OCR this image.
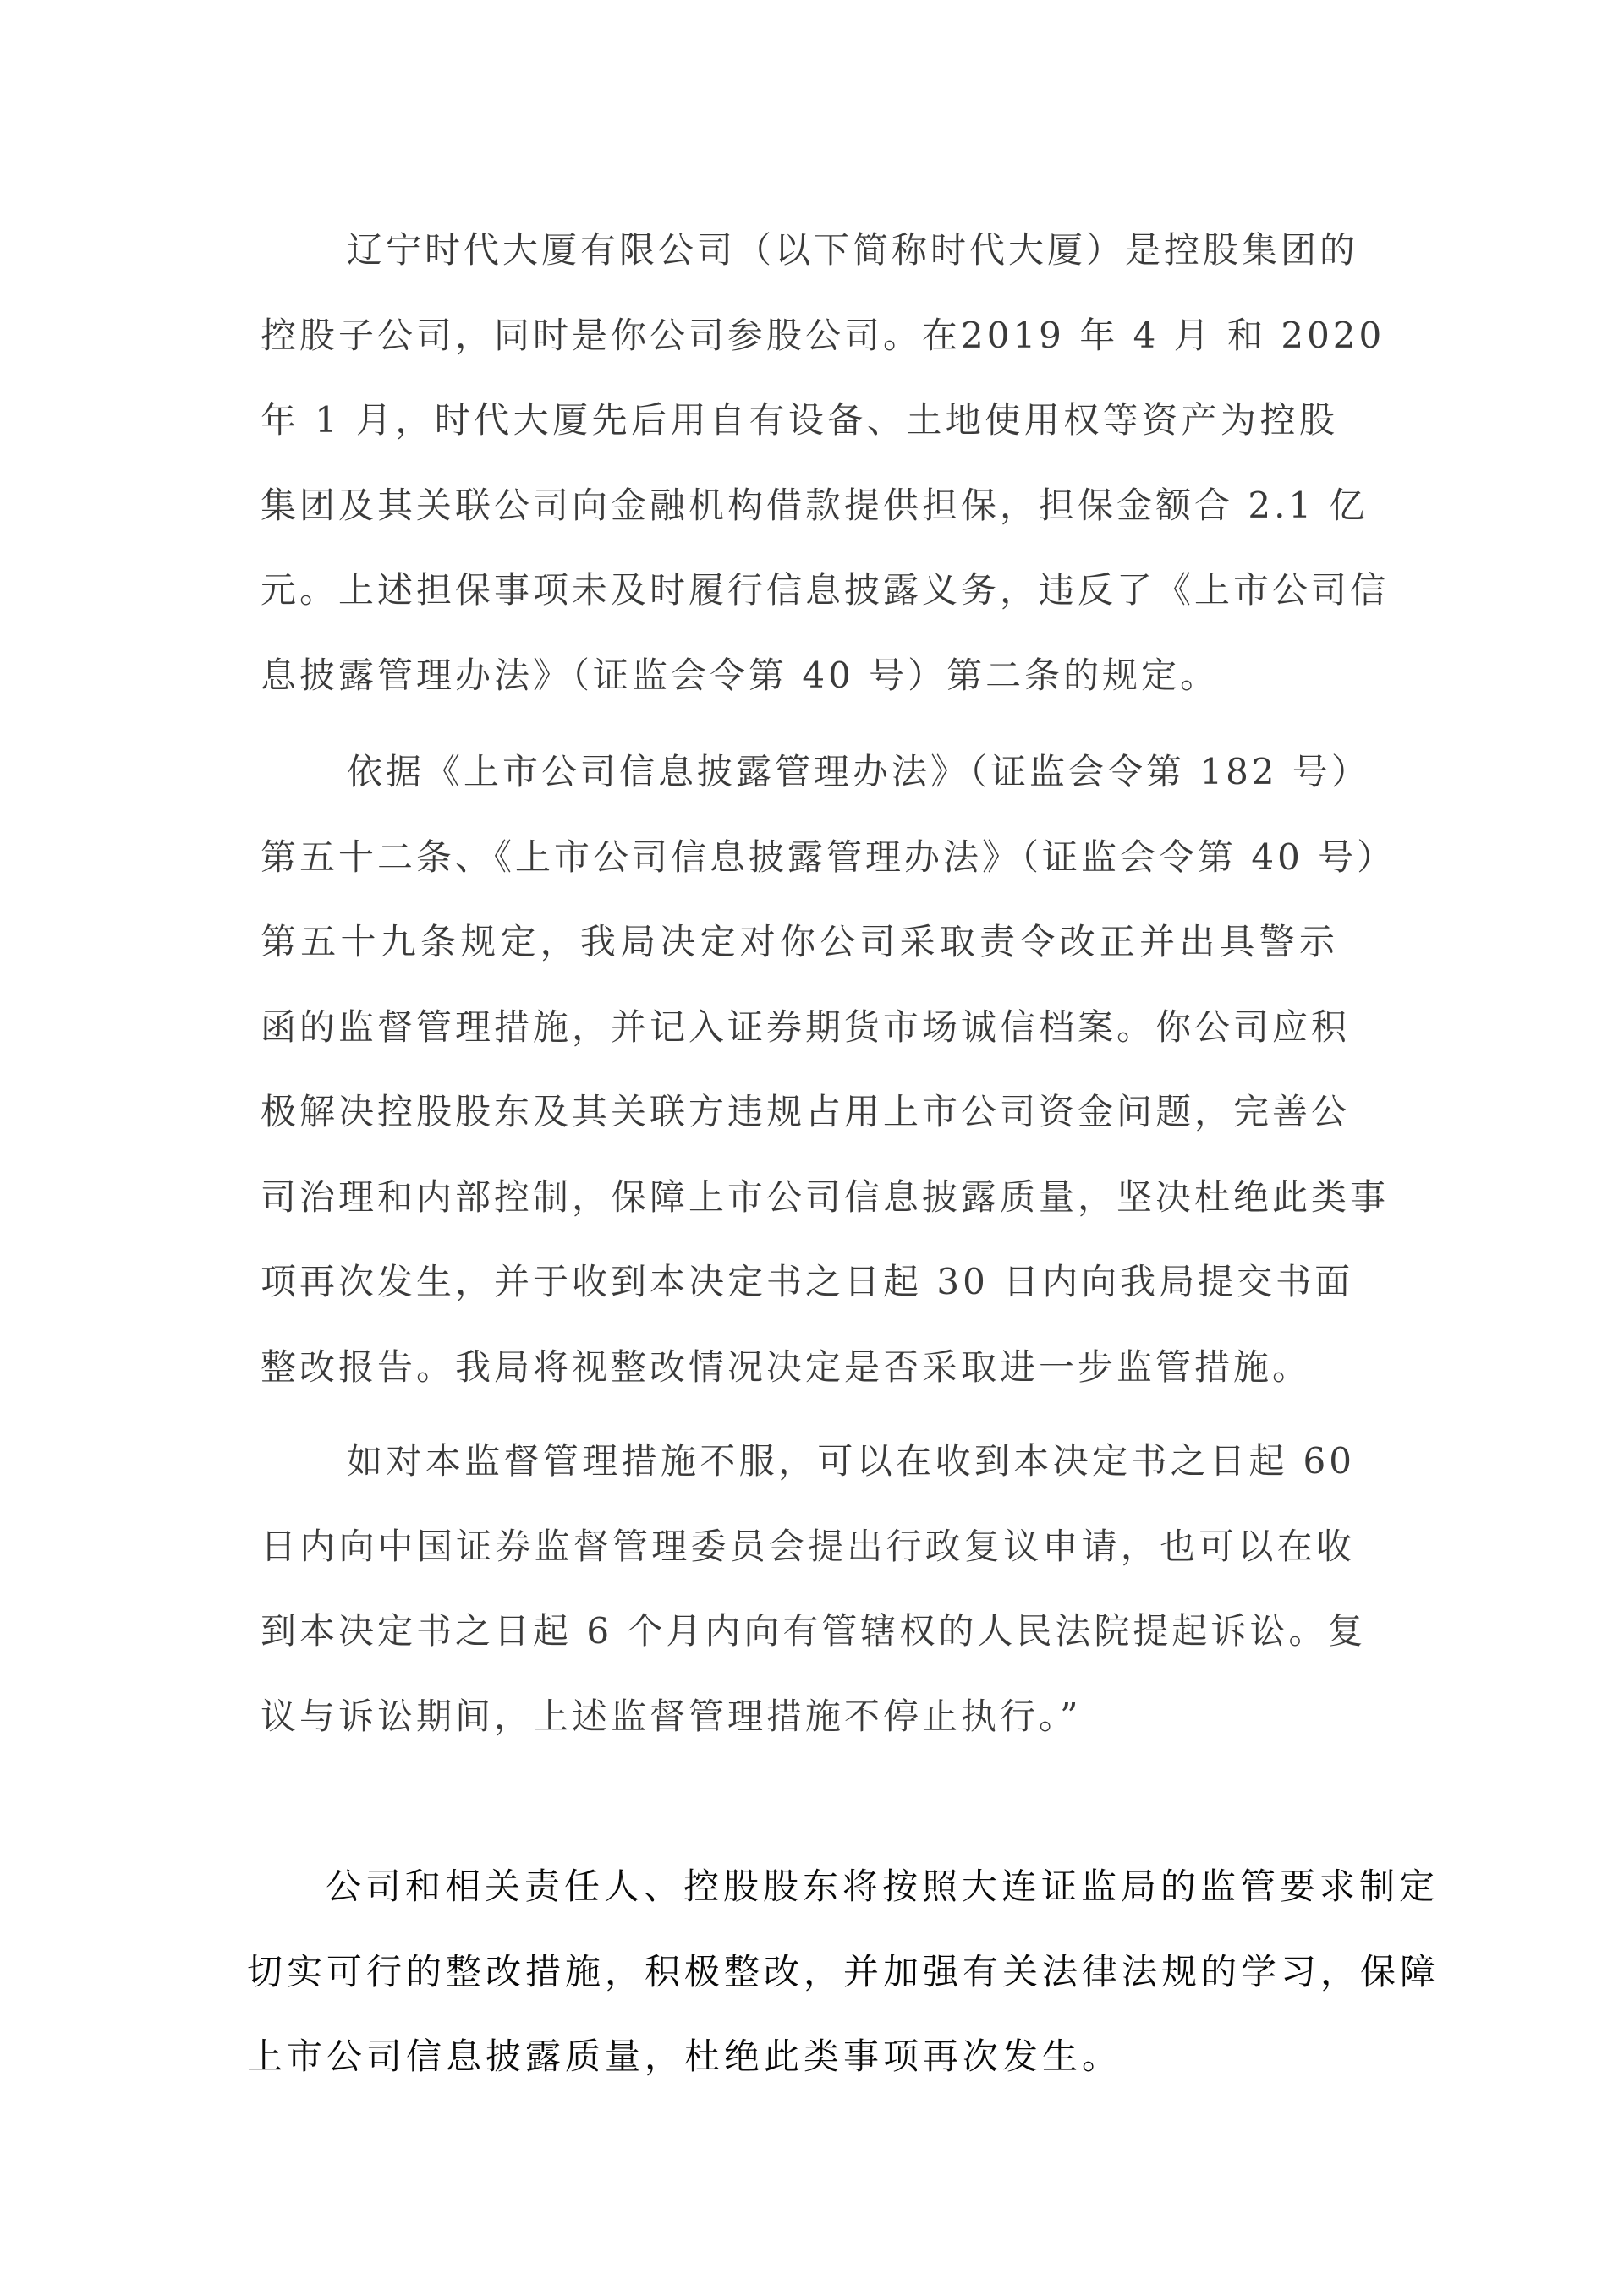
辽宁时代大厦有限公司（以下简称时代大厦）是控股集团的
控股子公司，同时是你公司参股公司。在2019 年 4 月 和 2020
年 1 月，时代大厦先后用自有设备、土地使用权等资产为控股
集团及其关联公司向金融机构借款提供担保，担保金额合 2.1 亿
元。上述担保事项未及时履行信息披露义务，违反了《上市公司信
息披露管理办法》（证监会令第 40 号）第二条的规定。

依据《上市公司信息披露管理办法》（证监会令第 182 号）
第五十二条、《上市公司信息披露管理办法》（证监会令第 40 号）
第五十九条规定，我局决定对你公司采取责令改正并出具警示
函的监督管理措施，并记入证券期货市场诚信档案。你公司应积
极解决控股股东及其关联方违规占用上市公司资金问题，完善公
司治理和内部控制，保障上市公司信息披露质量，坚决杜绝此类事
项再次发生，并于收到本决定书之日起 30 日内向我局提交书面
整改报告。我局将视整改情况决定是否采取进一步监管措施。

如对本监督管理措施不服，可以在收到本决定书之日起 60
日内向中国证券监督管理委员会提出行政复议申请，也可以在收
到本决定书之日起 6 个月内向有管辖权的人民法院提起诉讼。复
议与诉讼期间，上述监督管理措施不停止执行。”

公司和相关责任人、控股股东将按照大连证监局的监管要求制定
切实可行的整改措施，积极整改，并加强有关法律法规的学习，保障
上市公司信息披露质量，杜绝此类事项再次发生。
